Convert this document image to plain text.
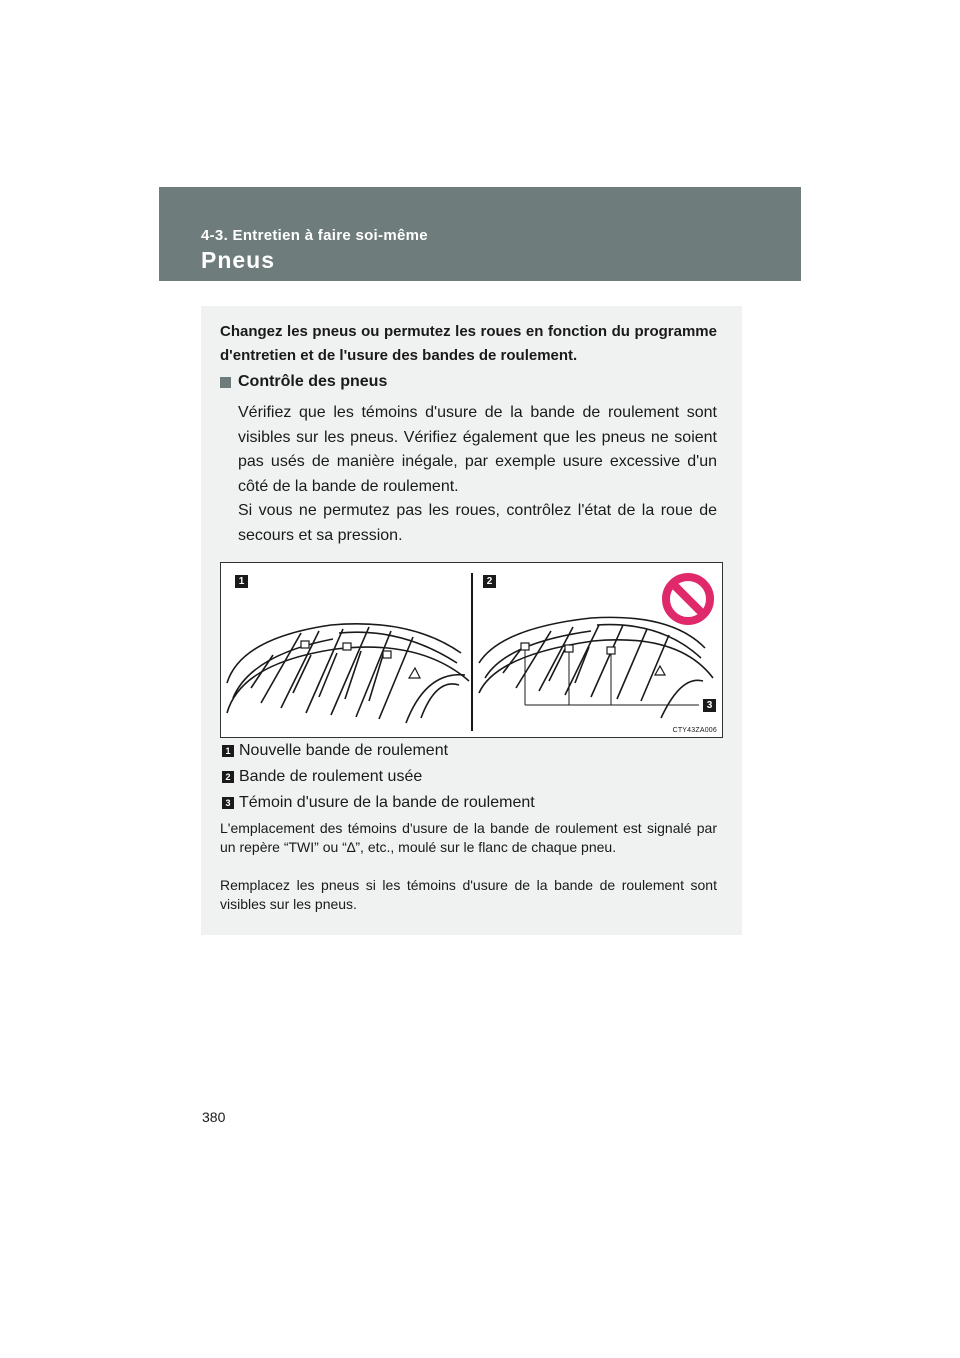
4-3. Entretien à faire soi-même
Pneus
Changez les pneus ou permutez les roues en fonction du programme d'entretien et de l'usure des bandes de roulement.
Contrôle des pneus
Vérifiez que les témoins d'usure de la bande de roulement sont visibles sur les pneus. Vérifiez également que les pneus ne soient pas usés de manière inégale, par exemple usure excessive d'un côté de la bande de roulement.
Si vous ne permutez pas les roues, contrôlez l'état de la roue de secours et sa pression.
1	2
3
CTY43ZA006
1 Nouvelle bande de roulement
2 Bande de roulement usée
3 Témoin d'usure de la bande de roulement
L'emplacement des témoins d'usure de la bande de roulement est signalé par un repère “TWI” ou “∆”, etc., moulé sur le flanc de chaque pneu.
Remplacez les pneus si les témoins d'usure de la bande de roulement sont visibles sur les pneus.
380
